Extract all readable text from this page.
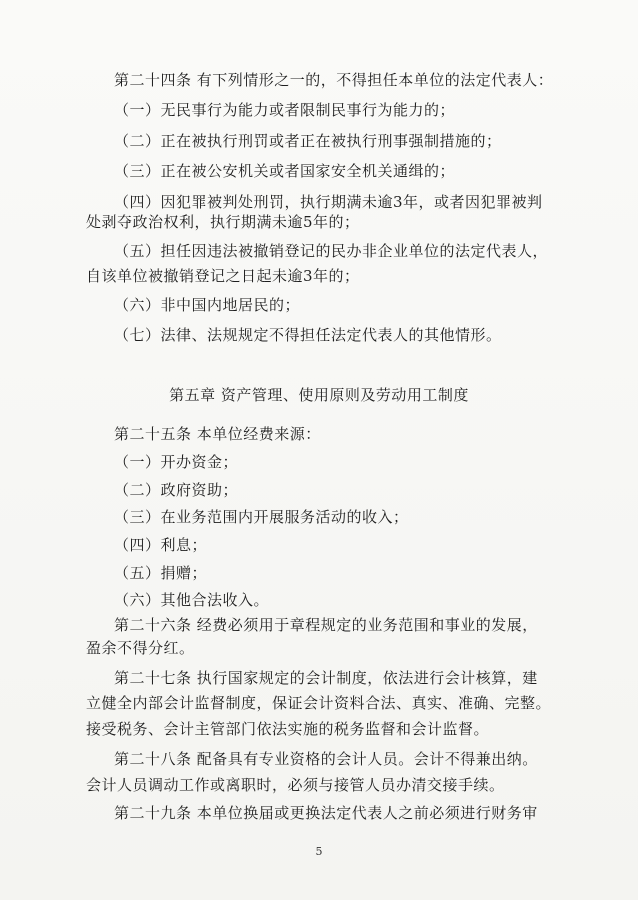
第二十四条 有下列情形之一的，不得担任本单位的法定代表人：
（一）无民事行为能力或者限制民事行为能力的；
（二）正在被执行刑罚或者正在被执行刑事强制措施的；
（三）正在被公安机关或者国家安全机关通缉的；
（四）因犯罪被判处刑罚，执行期满未逾3年，或者因犯罪被判
处剥夺政治权利，执行期满未逾5年的；
（五）担任因违法被撤销登记的民办非企业单位的法定代表人，
自该单位被撤销登记之日起未逾3年的；
（六）非中国内地居民的；
（七）法律、法规规定不得担任法定代表人的其他情形。
第五章 资产管理、使用原则及劳动用工制度
第二十五条 本单位经费来源：
（一）开办资金；
（二）政府资助；
（三）在业务范围内开展服务活动的收入；
（四）利息；
（五）捐赠；
（六）其他合法收入。
第二十六条 经费必须用于章程规定的业务范围和事业的发展，
盈余不得分红。
第二十七条 执行国家规定的会计制度，依法进行会计核算，建
立健全内部会计监督制度，保证会计资料合法、真实、准确、完整。
接受税务、会计主管部门依法实施的税务监督和会计监督。
第二十八条 配备具有专业资格的会计人员。会计不得兼出纳。
会计人员调动工作或离职时，必须与接管人员办清交接手续。
第二十九条 本单位换届或更换法定代表人之前必须进行财务审
5
